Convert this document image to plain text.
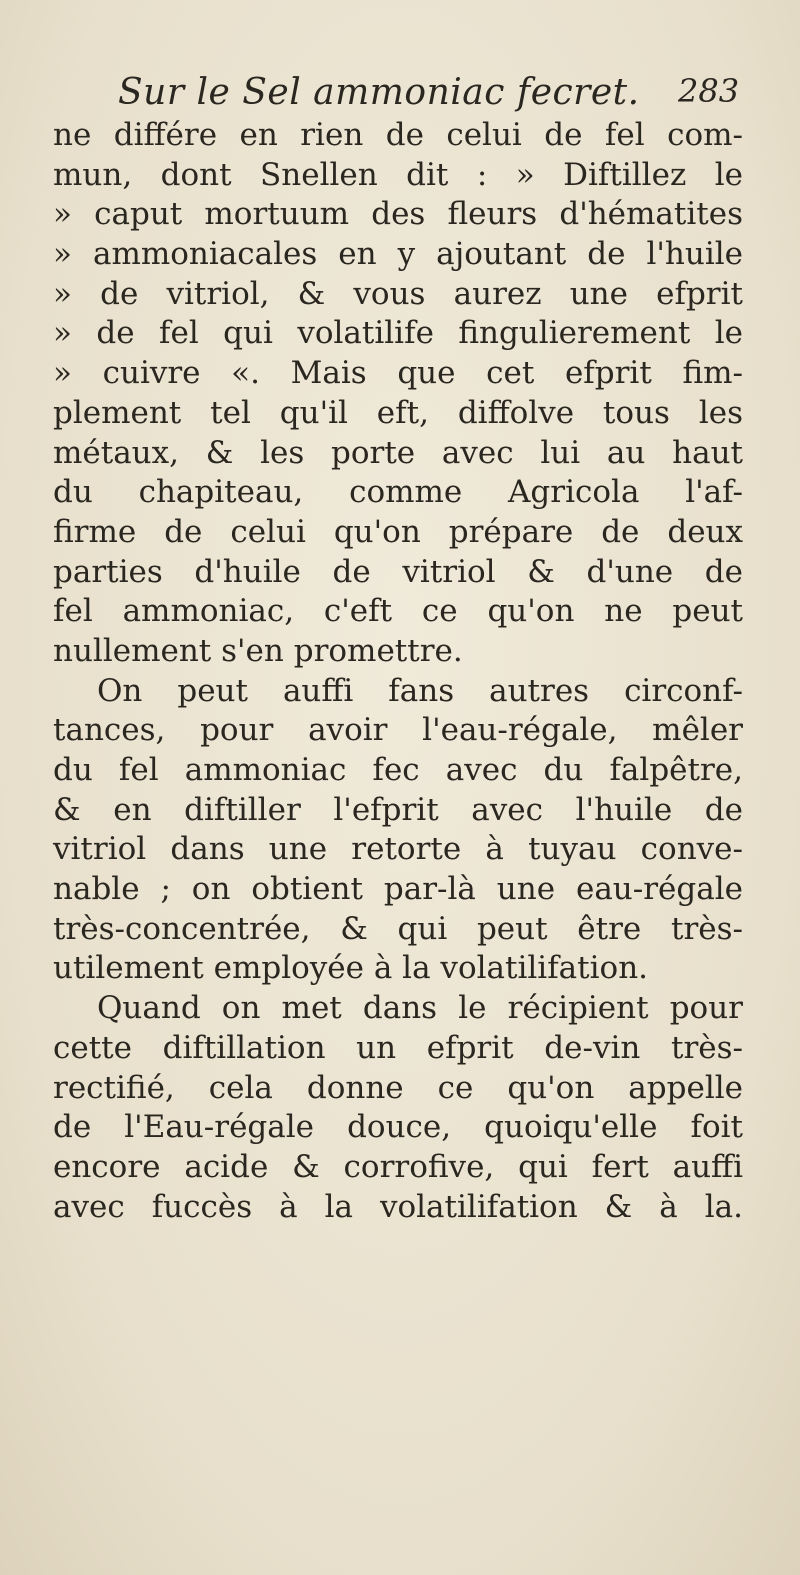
Sur le Sel ammoniac fecret. 283
ne différe en rien de celui de fel com-
mun, dont Snellen dit : » Diftillez le
» caput mortuum des fleurs d'hématites
» ammoniacales en y ajoutant de l'huile
» de vitriol, & vous aurez une efprit
» de fel qui volatilife fingulierement le
» cuivre «. Mais que cet efprit fim-
plement tel qu'il eft, diffolve tous les
métaux, & les porte avec lui au haut
du chapiteau, comme Agricola l'af-
firme de celui qu'on prépare de deux
parties d'huile de vitriol & d'une de
fel ammoniac, c'eft ce qu'on ne peut
nullement s'en promettre.
On peut auffi fans autres circonf-
tances, pour avoir l'eau-régale, mêler
du fel ammoniac fec avec du falpêtre,
& en diftiller l'efprit avec l'huile de
vitriol dans une retorte à tuyau conve-
nable ; on obtient par-là une eau-régale
très-concentrée, & qui peut être très-
utilement employée à la volatilifation.
Quand on met dans le récipient pour
cette diftillation un efprit de-vin très-
rectifié, cela donne ce qu'on appelle
de l'Eau-régale douce, quoiqu'elle foit
encore acide & corrofive, qui fert auffi
avec fuccès à la volatilifation & à la.
